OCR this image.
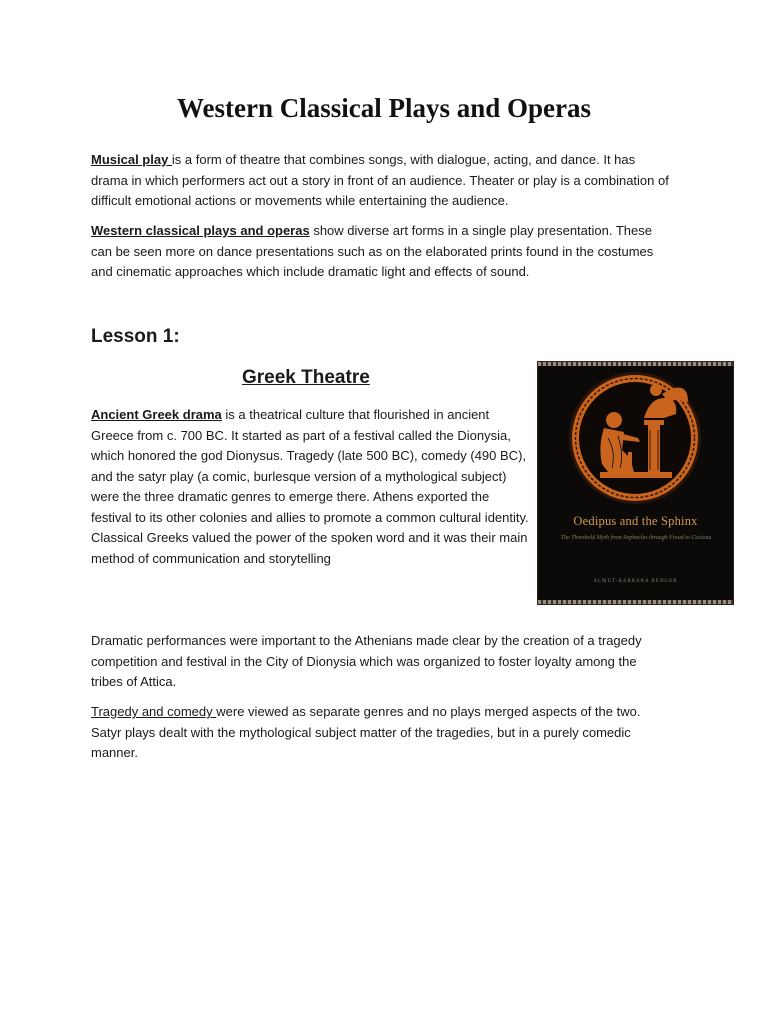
Western Classical Plays and Operas

Musical play is a form of theatre that combines songs, with dialogue, acting, and dance. It has drama in which performers act out a story in front of an audience. Theater or play is a combination of difficult emotional actions or movements while entertaining the audience.

Western classical plays and operas show diverse art forms in a single play presentation. These can be seen more on dance presentations such as on the elaborated prints found in the costumes and cinematic approaches which include dramatic light and effects of sound.

Lesson 1:
Greek Theatre

Ancient Greek drama is a theatrical culture that flourished in ancient Greece from c. 700 BC. It started as part of a festival called the Dionysia, which honored the god Dionysus. Tragedy (late 500 BC), comedy (490 BC), and the satyr play (a comic, burlesque version of a mythological subject) were the three dramatic genres to emerge there. Athens exported the festival to its other colonies and allies to promote a common cultural identity. Classical Greeks valued the power of the spoken word and it was their main method of communication and storytelling

Oedipus and the Sphinx
The Threshold Myth from Sophocles through Freud to Cocteau
ALMUT-BARBARA RENGER

Dramatic performances were important to the Athenians made clear by the creation of a tragedy competition and festival in the City of Dionysia which was organized to foster loyalty among the tribes of Attica.

Tragedy and comedy were viewed as separate genres and no plays merged aspects of the two. Satyr plays dealt with the mythological subject matter of the tragedies, but in a purely comedic manner.
